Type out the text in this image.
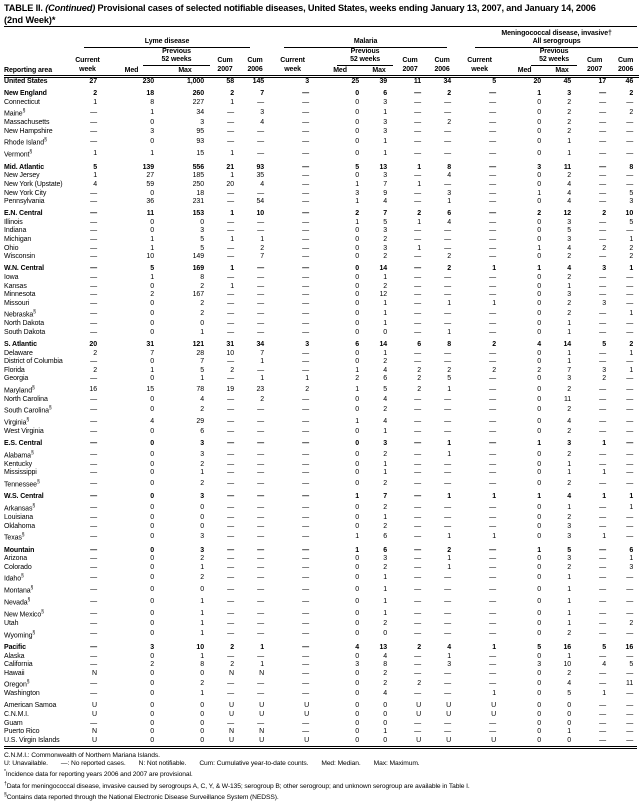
TABLE II. (Continued) Provisional cases of selected notifiable diseases, United States, weeks ending January 13, 2007, and January 14, 2006
(2nd Week)*

	Lyme disease					Malaria					Meningococcal disease, invasive†
All serogroups				

Reporting area

Current
week

Previous
52 weeks	Cum
2007

Cum
2006

Current
week

Previous
52 weeks	Cum
2007

Cum
2006

Current
week

Previous
52 weeks	Cum
2007

Cum
2006

		Med	Max				Med	Max				Med	Max		

United States	27	230	1,000	58	145	3	25	39	11	34	5	20	45	17	46
New England	2	18	260	2	7	—	0	6	—	2	—	1	3	—	2
Connecticut	1	8	227	1	—	—	0	3	—	—	—	0	2	—	—
Maine§	—	1	34	—	3	—	0	1	—	—	—	0	2	—	2
Massachusetts	—	0	3	—	4	—	0	3	—	2	—	0	2	—	—
New Hampshire	—	3	95	—	—	—	0	3	—	—	—	0	2	—	—
Rhode Island§	—	0	93	—	—	—	0	1	—	—	—	0	1	—	—
Vermont§	1	1	15	1	—	—	0	1	—	—	—	0	1	—	—
Mid. Atlantic	5	139	556	21	93	—	5	13	1	8	—	3	11	—	8
New Jersey	1	27	185	1	35	—	0	3	—	4	—	0	2	—	—
New York (Upstate)	4	59	250	20	4	—	1	7	1	—	—	0	4	—	—
New York City	—	0	18	—	—	—	3	9	—	3	—	1	4	—	5
Pennsylvania	—	36	231	—	54	—	1	4	—	1	—	0	4	—	3
E.N. Central	—	11	153	1	10	—	2	7	2	6	—	2	12	2	10
Illinois	—	0	0	—	—	—	1	5	1	4	—	0	3	—	5
Indiana	—	0	3	—	—	—	0	3	—	—	—	0	5	—	—
Michigan	—	1	5	1	1	—	0	2	—	—	—	0	3	—	1
Ohio	—	1	5	—	2	—	0	3	1	—	—	1	4	2	2
Wisconsin	—	10	149	—	7	—	0	2	—	2	—	0	2	—	2
W.N. Central	—	5	169	1	—	—	0	14	—	2	1	1	4	3	1
Iowa	—	1	8	—	—	—	0	1	—	—	—	0	2	—	—
Kansas	—	0	2	1	—	—	0	2	—	—	—	0	1	—	—
Minnesota	—	2	167	—	—	—	0	12	—	—	—	0	3	—	—
Missouri	—	0	2	—	—	—	0	1	—	1	1	0	2	3	—
Nebraska§	—	0	2	—	—	—	0	1	—	—	—	0	2	—	1
North Dakota	—	0	0	—	—	—	0	1	—	—	—	0	1	—	—
South Dakota	—	0	1	—	—	—	0	0	—	1	—	0	1	—	—
S. Atlantic	20	31	121	31	34	3	6	14	6	8	2	4	14	5	2
Delaware	2	7	28	10	7	—	0	1	—	—	—	0	1	—	1
District of Columbia	—	0	7	—	1	—	0	2	—	—	—	0	1	—	—
Florida	2	1	5	2	—	—	1	4	2	2	2	2	7	3	1
Georgia	—	0	1	—	1	1	2	6	2	5	—	0	3	2	—
Maryland§	16	15	78	19	23	2	1	5	2	1	—	0	2	—	—
North Carolina	—	0	4	—	2	—	0	4	—	—	—	0	11	—	—
South Carolina§	—	0	2	—	—	—	0	2	—	—	—	0	2	—	—
Virginia§	—	4	29	—	—	—	1	4	—	—	—	0	4	—	—
West Virginia	—	0	6	—	—	—	0	1	—	—	—	0	2	—	—
E.S. Central	—	0	3	—	—	—	0	3	—	1	—	1	3	1	—
Alabama§	—	0	3	—	—	—	0	2	—	1	—	0	2	—	—
Kentucky	—	0	2	—	—	—	0	1	—	—	—	0	1	—	—
Mississippi	—	0	1	—	—	—	0	1	—	—	—	0	1	1	—
Tennessee§	—	0	2	—	—	—	0	2	—	—	—	0	2	—	—
W.S. Central	—	0	3	—	—	—	1	7	—	1	1	1	4	1	1
Arkansas§	—	0	0	—	—	—	0	2	—	—	—	0	1	—	1
Louisiana	—	0	0	—	—	—	0	1	—	—	—	0	2	—	—
Oklahoma	—	0	0	—	—	—	0	2	—	—	—	0	3	—	—
Texas§	—	0	3	—	—	—	1	6	—	1	1	0	3	1	—
Mountain	—	0	3	—	—	—	1	6	—	2	—	1	5	—	6
Arizona	—	0	2	—	—	—	0	3	—	1	—	0	3	—	1
Colorado	—	0	1	—	—	—	0	2	—	1	—	0	2	—	3
Idaho§	—	0	2	—	—	—	0	1	—	—	—	0	1	—	—
Montana§	—	0	0	—	—	—	0	1	—	—	—	0	1	—	—
Nevada§	—	0	1	—	—	—	0	1	—	—	—	0	1	—	—
New Mexico§	—	0	1	—	—	—	0	1	—	—	—	0	1	—	—
Utah	—	0	1	—	—	—	0	2	—	—	—	0	1	—	2
Wyoming§	—	0	1	—	—	—	0	0	—	—	—	0	2	—	—
Pacific	—	3	10	2	1	—	4	13	2	4	1	5	16	5	16
Alaska	—	0	1	—	—	—	0	4	—	1	—	0	1	—	—
California	—	2	8	2	1	—	3	8	—	3	—	3	10	4	5
Hawaii	N	0	0	N	N	—	0	2	—	—	—	0	2	—	—
Oregon§	—	0	2	—	—	—	0	2	2	—	—	0	4	—	11
Washington	—	0	1	—	—	—	0	4	—	—	1	0	5	1	—
American Samoa	U	0	0	U	U	U	0	0	U	U	U	0	0	—	—
C.N.M.I.	U	0	0	U	U	U	0	0	U	U	U	0	0	—	—
Guam	—	0	0	—	—	—	0	0	—	—	—	0	0	—	—
Puerto Rico	N	0	0	N	N	—	0	1	—	—	—	0	1	—	—
U.S. Virgin Islands	U	0	0	U	U	U	0	0	U	U	U	0	0	—	—
C.N.M.I.: Commonwealth of Northern Mariana Islands.
U: Unavailable. —: No reported cases. N: Not notifiable. Cum: Cumulative year-to-date counts. Med: Median. Max: Maximum.
*Incidence data for reporting years 2006 and 2007 are provisional.
†Data for meningococcal disease, invasive caused by serogroups A, C, Y, & W-135; serogroup B; other serogroup; and unknown serogroup are available in Table I.
§Contains data reported through the National Electronic Disease Surveillance System (NEDSS).
